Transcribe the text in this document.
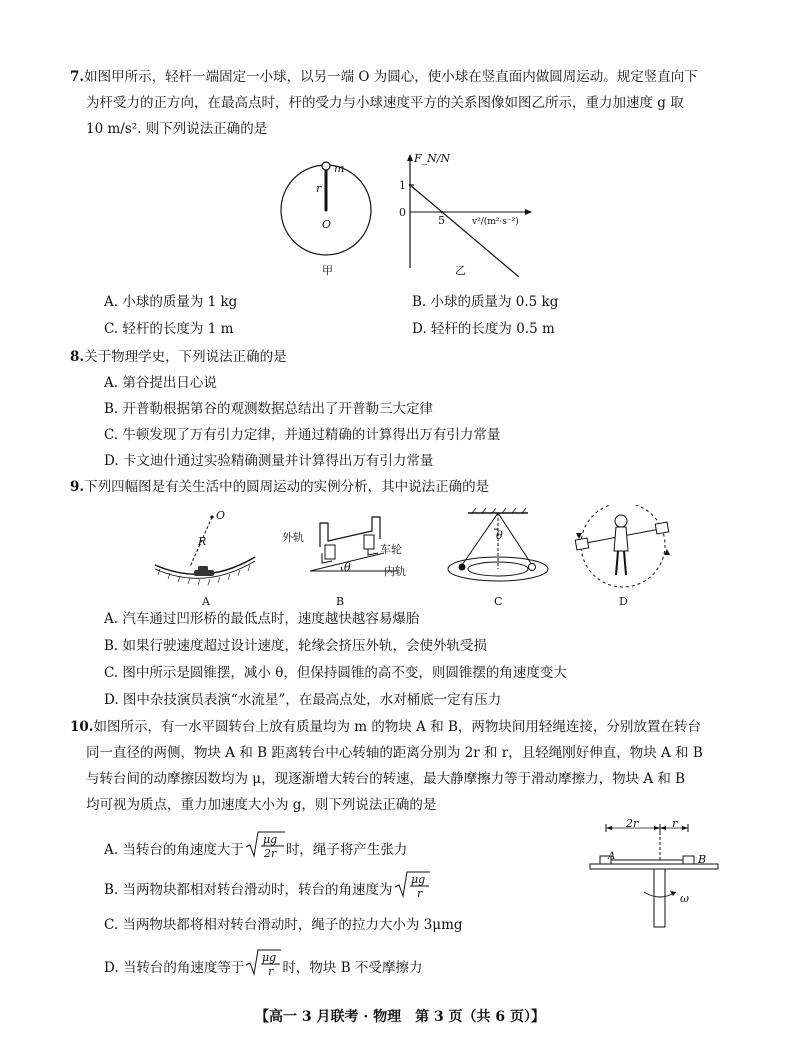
7.如图甲所示，轻杆一端固定一小球，以另一端 O 为圆心，使小球在竖直面内做圆周运动。规定竖直向下
为杆受力的正方向，在最高点时，杆的受力与小球速度平方的关系图像如图乙所示，重力加速度 g 取
10 m/s². 则下列说法正确的是
m
r
O
甲
F_N/N
1
0
5	v²/(m²·s⁻²)
乙
A. 小球的质量为 1 kg	B. 小球的质量为 0.5 kg
C. 轻杆的长度为 1 m	D. 轻杆的长度为 0.5 m
8.关于物理学史，下列说法正确的是
A. 第谷提出日心说
B. 开普勒根据第谷的观测数据总结出了开普勒三大定律
C. 牛顿发现了万有引力定律，并通过精确的计算得出万有引力常量
D. 卡文迪什通过实验精确测量并计算得出万有引力常量
9.下列四幅图是有关生活中的圆周运动的实例分析，其中说法正确的是
O
R
A
外轨
车轮
内轨
θ
B
θ
C	D
A. 汽车通过凹形桥的最低点时，速度越快越容易爆胎
B. 如果行驶速度超过设计速度，轮缘会挤压外轨，会使外轨受损
C. 图中所示是圆锥摆，减小 θ，但保持圆锥的高不变，则圆锥摆的角速度变大
D. 图中杂技演员表演“水流星”，在最高点处，水对桶底一定有压力
10.如图所示，有一水平圆转台上放有质量均为 m 的物块 A 和 B，两物块间用轻绳连接，分别放置在转台
同一直径的两侧，物块 A 和 B 距离转台中心转轴的距离分别为 2r 和 r，且轻绳刚好伸直，物块 A 和 B
与转台间的动摩擦因数均为 μ，现逐渐增大转台的转速，最大静摩擦力等于滑动摩擦力，物块 A 和 B
均可视为质点，重力加速度大小为 g，则下列说法正确的是
A. 当转台的角速度大于
μg
2r 时，绳子将产生张力
B. 当两物块都相对转台滑动时，转台的角速度为
μg
r
C. 当两物块都将相对转台滑动时，绳子的拉力大小为 3μmg
D. 当转台的角速度等于
μg
r 时，物块 B 不受摩擦力
2r	r
A	B
ω
【高一 3 月联考 · 物理　第 3 页（共 6 页）】
